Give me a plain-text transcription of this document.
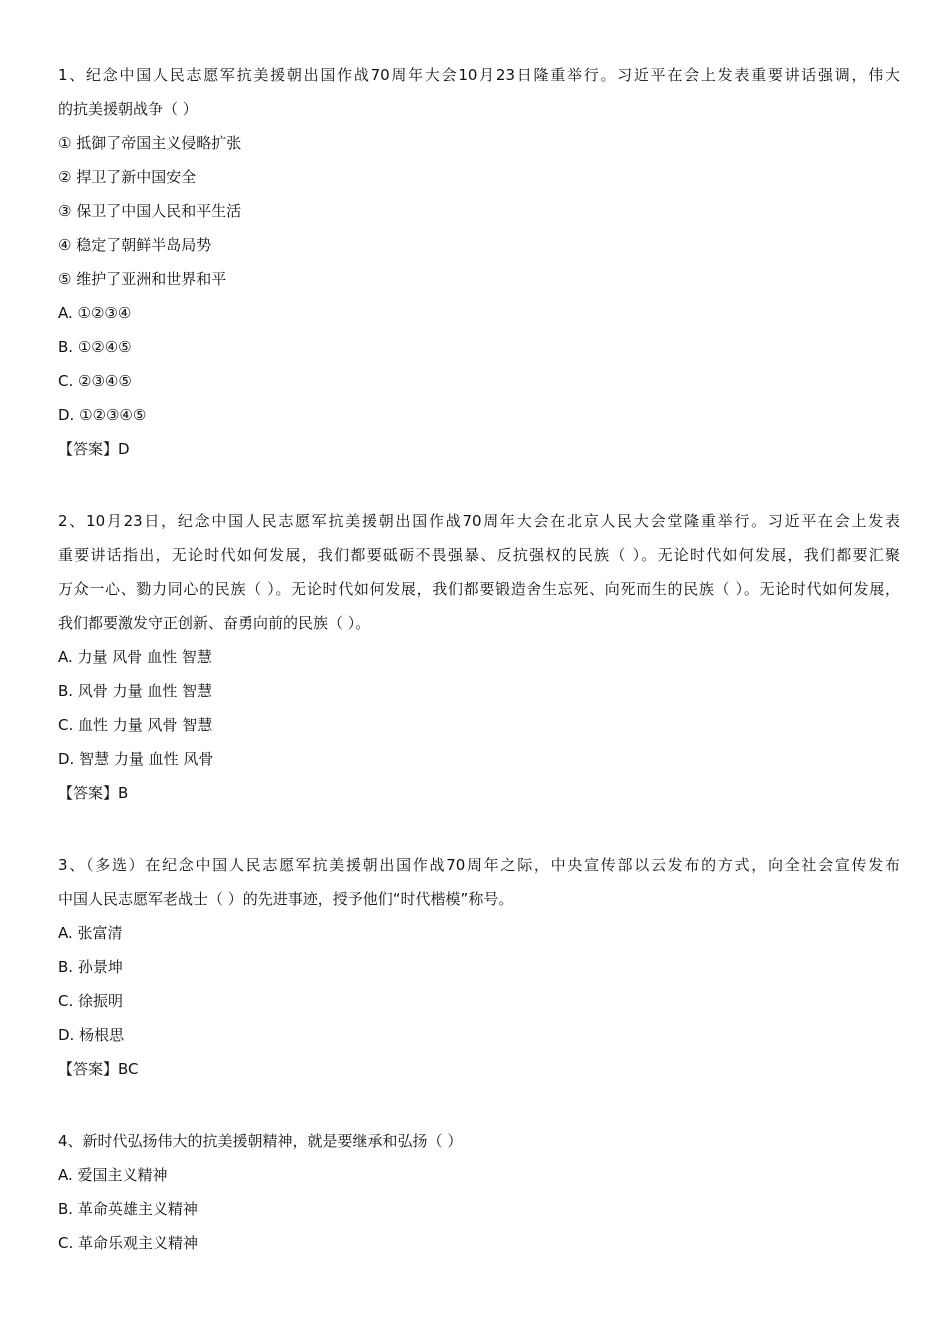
1、纪念中国人民志愿军抗美援朝出国作战70周年大会10月23日隆重举行。习近平在会上发表重要讲话强调，伟大
的抗美援朝战争（ ）
① 抵御了帝国主义侵略扩张
② 捍卫了新中国安全
③ 保卫了中国人民和平生活
④ 稳定了朝鲜半岛局势
⑤ 维护了亚洲和世界和平
A. ①②③④
B. ①②④⑤
C. ②③④⑤
D. ①②③④⑤
【答案】D
2、10月23日，纪念中国人民志愿军抗美援朝出国作战70周年大会在北京人民大会堂隆重举行。习近平在会上发表
重要讲话指出，无论时代如何发展，我们都要砥砺不畏强暴、反抗强权的民族（ ）。无论时代如何发展，我们都要汇聚
万众一心、勠力同心的民族（ ）。无论时代如何发展，我们都要锻造舍生忘死、向死而生的民族（ ）。无论时代如何发展，
我们都要激发守正创新、奋勇向前的民族（ ）。
A. 力量 风骨 血性 智慧
B. 风骨 力量 血性 智慧
C. 血性 力量 风骨 智慧
D. 智慧 力量 血性 风骨
【答案】B
3、（多选）在纪念中国人民志愿军抗美援朝出国作战70周年之际，中央宣传部以云发布的方式，向全社会宣传发布
中国人民志愿军老战士（ ）的先进事迹，授予他们“时代楷模”称号。
A. 张富清
B. 孙景坤
C. 徐振明
D. 杨根思
【答案】BC
4、新时代弘扬伟大的抗美援朝精神，就是要继承和弘扬（ ）
A. 爱国主义精神
B. 革命英雄主义精神
C. 革命乐观主义精神
